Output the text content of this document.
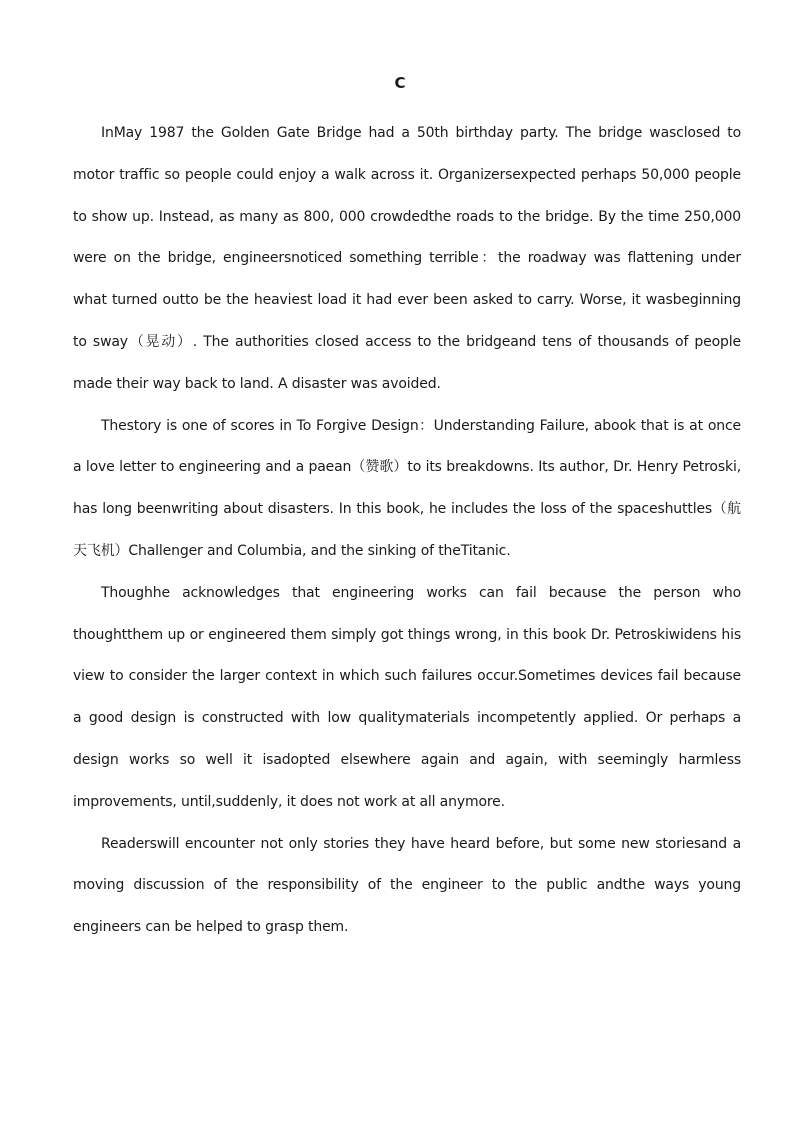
C

InMay 1987 the Golden Gate Bridge had a 50th birthday party. The bridge wasclosed to motor traffic so people could enjoy a walk across it. Organizersexpected perhaps 50,000 people to show up. Instead, as many as 800, 000 crowdedthe roads to the bridge. By the time 250,000 were on the bridge, engineersnoticed something terrible：the roadway was flattening under what turned outto be the heaviest load it had ever been asked to carry. Worse, it wasbeginning to sway（晃动）. The authorities closed access to the bridgeand tens of thousands of people made their way back to land. A disaster was avoided.

Thestory is one of scores in To Forgive Design：Understanding Failure, abook that is at once a love letter to engineering and a paean（赞歌）to its breakdowns. Its author, Dr. Henry Petroski, has long beenwriting about disasters. In this book, he includes the loss of the spaceshuttles（航天飞机）Challenger and Columbia, and the sinking of theTitanic.

Thoughhe acknowledges that engineering works can fail because the person who thoughtthem up or engineered them simply got things wrong, in this book Dr. Petroskiwidens his view to consider the larger context in which such failures occur.Sometimes devices fail because a good design is constructed with low qualitymaterials incompetently applied. Or perhaps a design works so well it isadopted elsewhere again and again, with seemingly harmless improvements, until,suddenly, it does not work at all anymore.

Readerswill encounter not only stories they have heard before, but some new storiesand a moving discussion of the responsibility of the engineer to the public andthe ways young engineers can be helped to grasp them.
